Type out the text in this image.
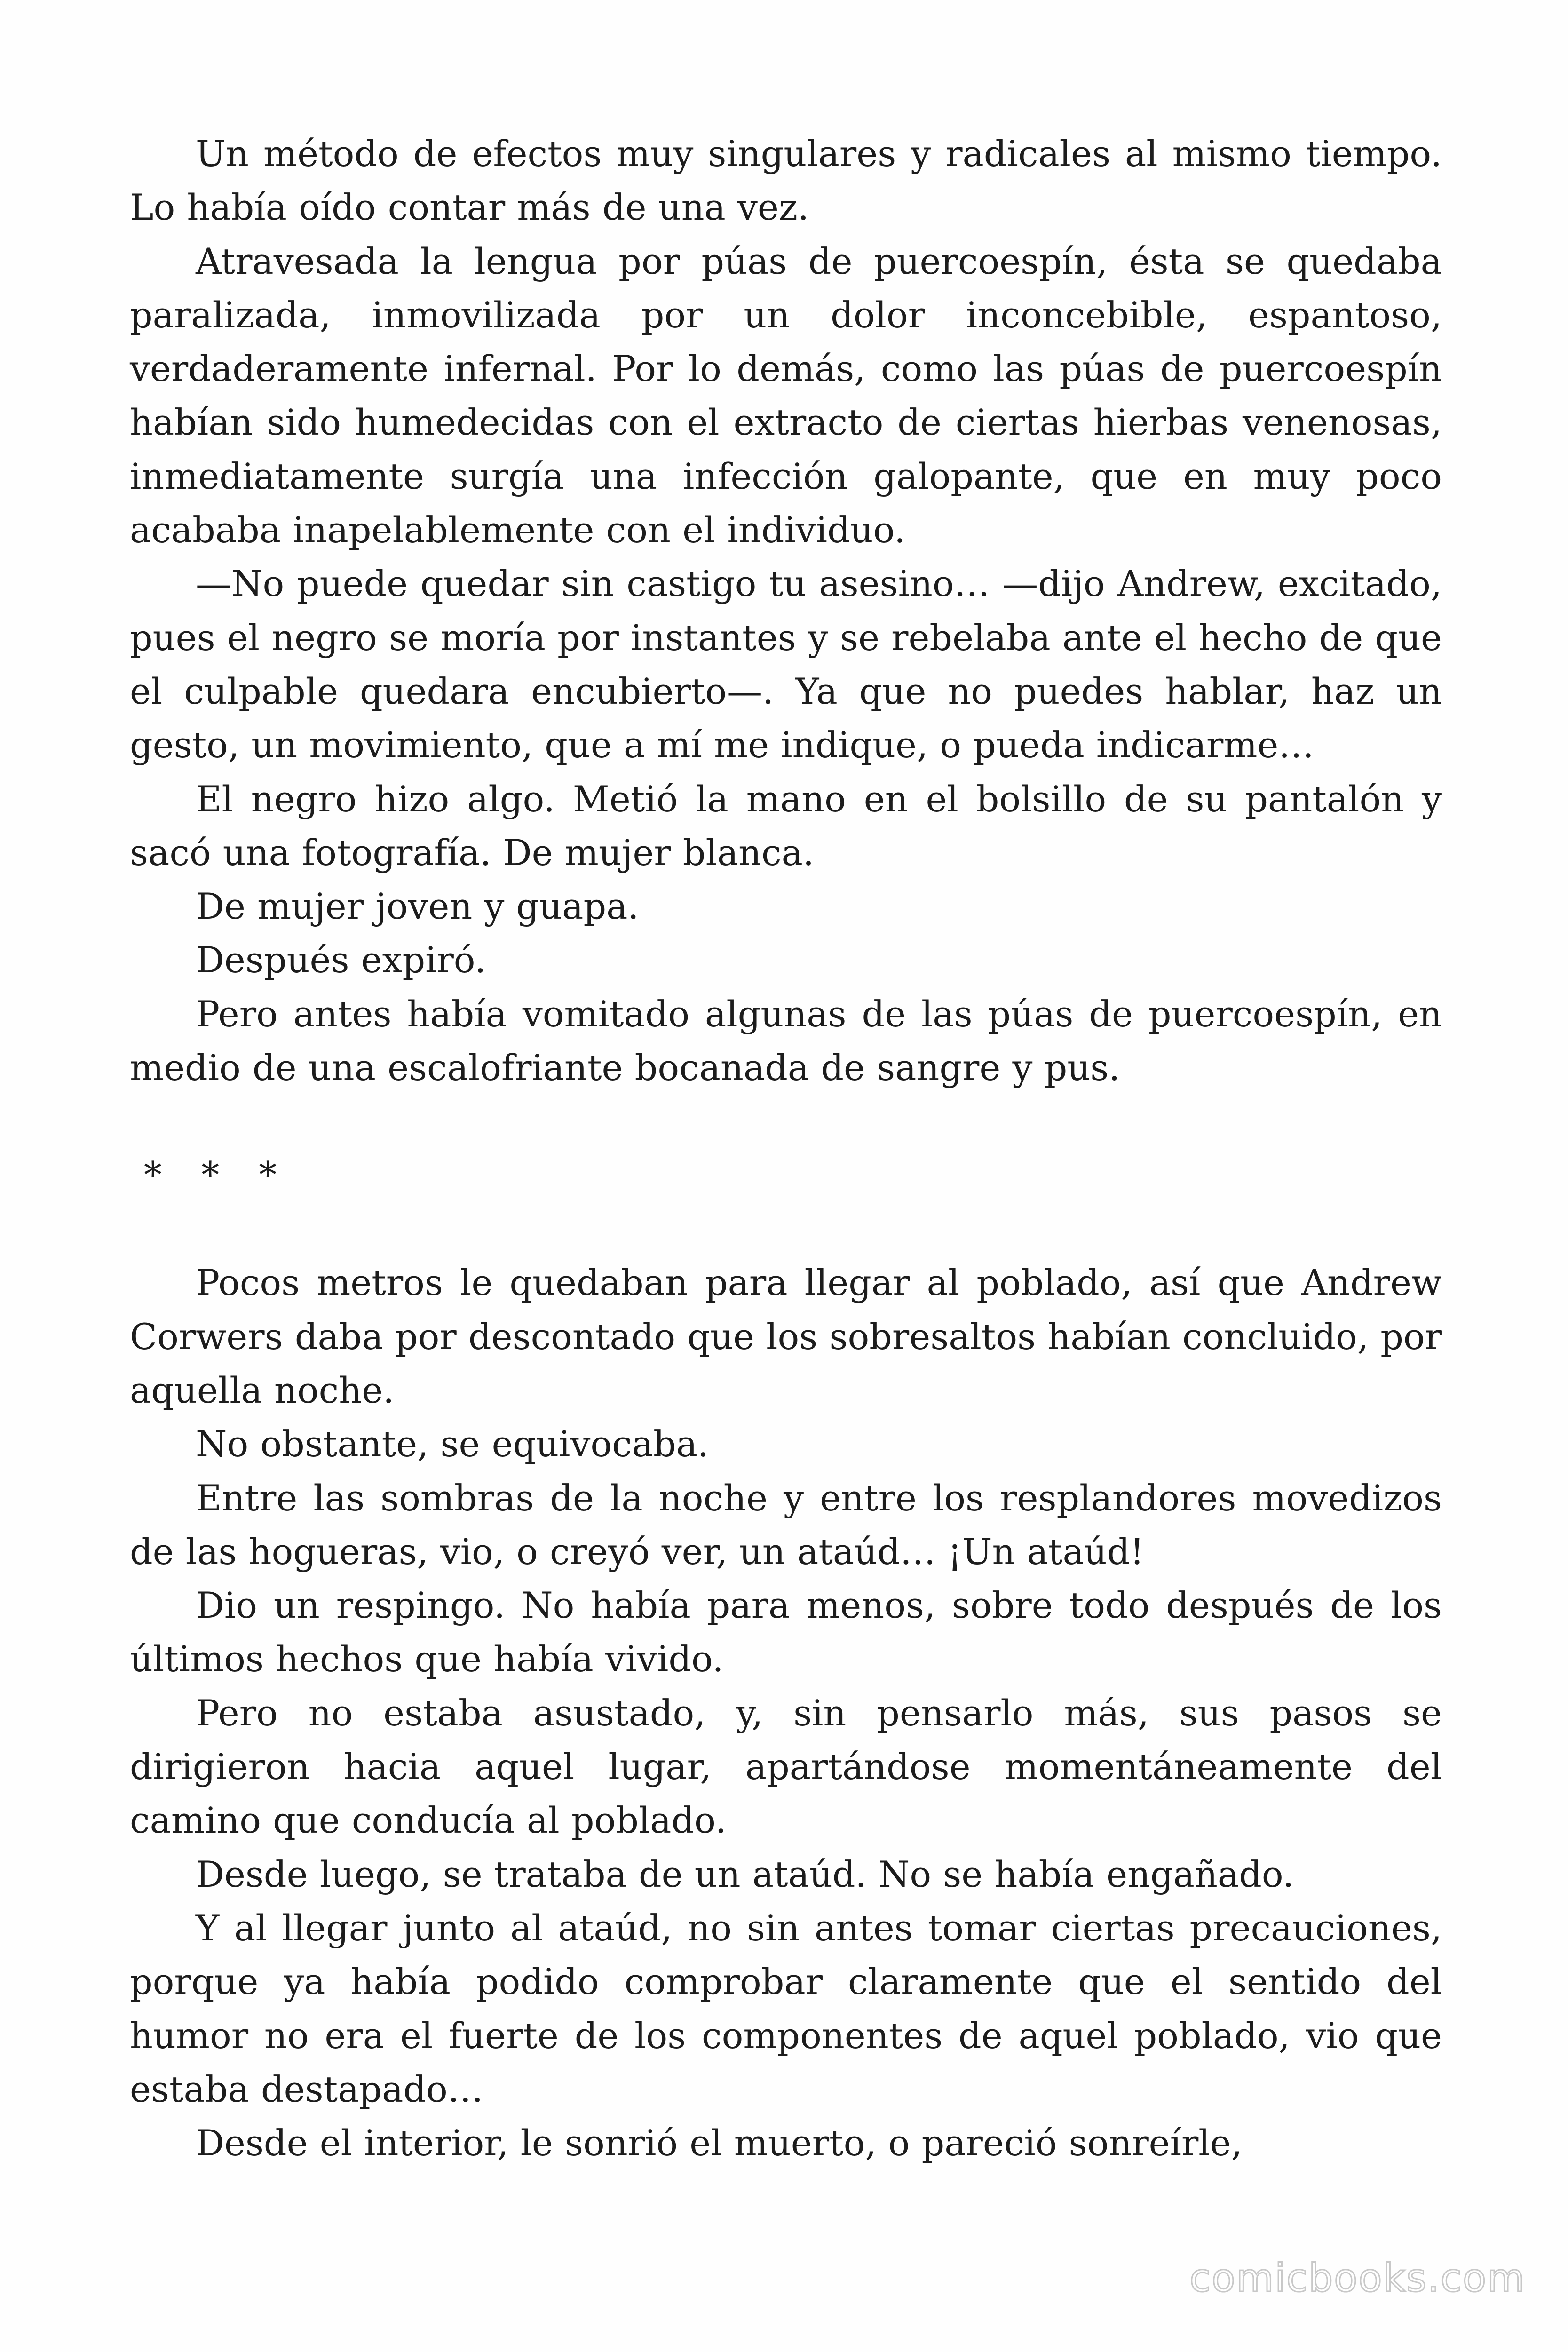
Un método de efectos muy singulares y radicales al mismo tiempo. Lo había oído contar más de una vez.

Atravesada la lengua por púas de puercoespín, ésta se quedaba paralizada, inmovilizada por un dolor inconcebible, espantoso, verdaderamente infernal. Por lo demás, como las púas de puercoespín habían sido humedecidas con el extracto de ciertas hierbas venenosas, inmediatamente surgía una infección galopante, que en muy poco acababa inapelablemente con el individuo.

—No puede quedar sin castigo tu asesino… —dijo Andrew, excitado, pues el negro se moría por instantes y se rebelaba ante el hecho de que el culpable quedara encubierto—. Ya que no puedes hablar, haz un gesto, un movimiento, que a mí me indique, o pueda indicarme…

El negro hizo algo. Metió la mano en el bolsillo de su pantalón y sacó una fotografía. De mujer blanca.

De mujer joven y guapa.

Después expiró.

Pero antes había vomitado algunas de las púas de puercoespín, en medio de una escalofriante bocanada de sangre y pus.

* * *

Pocos metros le quedaban para llegar al poblado, así que Andrew Corwers daba por descontado que los sobresaltos habían concluido, por aquella noche.

No obstante, se equivocaba.

Entre las sombras de la noche y entre los resplandores movedizos de las hogueras, vio, o creyó ver, un ataúd… ¡Un ataúd!

Dio un respingo. No había para menos, sobre todo después de los últimos hechos que había vivido.

Pero no estaba asustado, y, sin pensarlo más, sus pasos se dirigieron hacia aquel lugar, apartándose momentáneamente del camino que conducía al poblado.

Desde luego, se trataba de un ataúd. No se había engañado.

Y al llegar junto al ataúd, no sin antes tomar ciertas precauciones, porque ya había podido comprobar claramente que el sentido del humor no era el fuerte de los componentes de aquel poblado, vio que estaba destapado…

Desde el interior, le sonrió el muerto, o pareció sonreírle,

comicbooks.com
